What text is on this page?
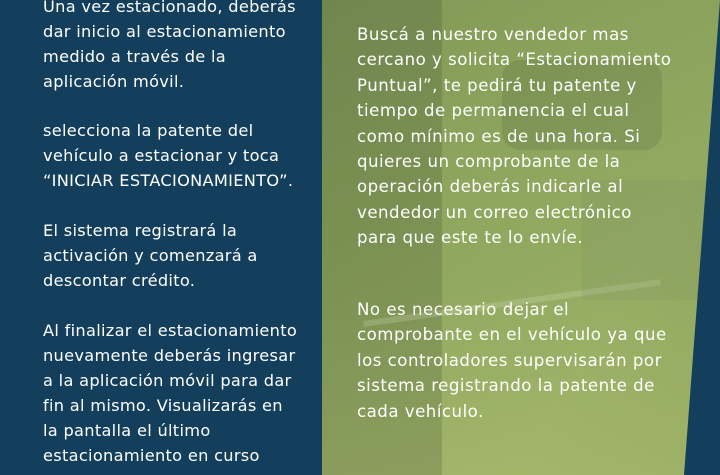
Una vez estacionado, deberás
dar inicio al estacionamiento
medido a través de la
aplicación móvil.

selecciona la patente del
vehículo a estacionar y toca
“INICIAR ESTACIONAMIENTO”.

El sistema registrará la
activación y comenzará a
descontar crédito.

Al finalizar el estacionamiento
nuevamente deberás ingresar
a la aplicación móvil para dar
fin al mismo. Visualizarás en
la pantalla el último
estacionamiento en curso

Buscá a nuestro vendedor mas
cercano y solicita “Estacionamiento
Puntual”, te pedirá tu patente y
tiempo de permanencia el cual
como mínimo es de una hora. Si
quieres un comprobante de la
operación deberás indicarle al
vendedor un correo electrónico
para que este te lo envíe.

No es necesario dejar el
comprobante en el vehículo ya que
los controladores supervisarán por
sistema registrando la patente de
cada vehículo.
